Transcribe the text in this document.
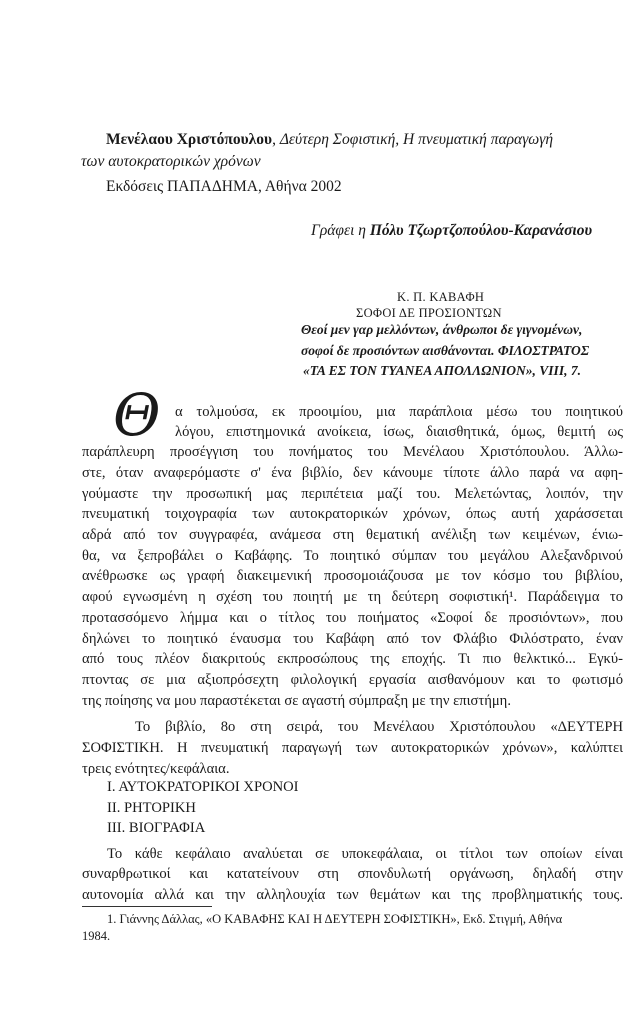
Μενέλαου Χριστόπουλου, Δεύτερη Σοφιστική, Η πνευματική παραγωγή
των αυτοκρατορικών χρόνων
Εκδόσεις ΠΑΠΑΔΗΜΑ, Αθήνα 2002
Γράφει η Πόλυ Τζωρτζοπούλου-Καρανάσιου
Κ. Π. ΚΑΒΑΦΗ
ΣΟΦΟΙ ΔΕ ΠΡΟΣΙΟΝΤΩΝ
Θεοί μεν γαρ μελλόντων, άνθρωποι δε γιγνομένων,
σοφοί δε προσιόντων αισθάνονται. ΦΙΛΟΣΤΡΑΤΟΣ
«ΤΑ ΕΣ ΤΟΝ ΤΥΑΝΕΑ ΑΠΟΛΛΩΝΙΟΝ», VIII, 7.
Θ α τολμούσα, εκ προοιμίου, μια παράπλοια μέσω του ποιητικού
λόγου, επιστημονικά ανοίκεια, ίσως, διαισθητικά, όμως, θεμιτή ως
παράπλευρη προσέγγιση του πονήματος του Μενέλαου Χριστόπουλου. Άλλω-
στε, όταν αναφερόμαστε σ' ένα βιβλίο, δεν κάνουμε τίποτε άλλο παρά να αφη-
γούμαστε την προσωπική μας περιπέτεια μαζί του. Μελετώντας, λοιπόν, την
πνευματική τοιχογραφία των αυτοκρατορικών χρόνων, όπως αυτή χαράσσεται
αδρά από τον συγγραφέα, ανάμεσα στη θεματική ανέλιξη των κειμένων, ένιω-
θα, να ξεπροβάλει ο Καβάφης. Το ποιητικό σύμπαν του μεγάλου Αλεξανδρινού
ανέθρωσκε ως γραφή διακειμενική προσομοιάζουσα με τον κόσμο του βιβλίου,
αφού εγνωσμένη η σχέση του ποιητή με τη δεύτερη σοφιστική¹. Παράδειγμα το
προτασσόμενο λήμμα και ο τίτλος του ποιήματος «Σοφοί δε προσιόντων», που
δηλώνει το ποιητικό έναυσμα του Καβάφη από τον Φλάβιο Φιλόστρατο, έναν
από τους πλέον διακριτούς εκπροσώπους της εποχής. Τι πιο θελκτικό... Εγκύ-
πτοντας σε μια αξιοπρόσεχτη φιλολογική εργασία αισθανόμουν και το φωτισμό
της ποίησης να μου παραστέκεται σε αγαστή σύμπραξη με την επιστήμη.
Το βιβλίο, 8ο στη σειρά, του Μενέλαου Χριστόπουλου «ΔΕΥΤΕΡΗ
ΣΟΦΙΣΤΙΚΗ. Η πνευματική παραγωγή των αυτοκρατορικών χρόνων», καλύπτει
τρεις ενότητες/κεφάλαια.
Ι. ΑΥΤΟΚΡΑΤΟΡΙΚΟΙ ΧΡΟΝΟΙ
ΙΙ. ΡΗΤΟΡΙΚΗ
ΙΙΙ. ΒΙΟΓΡΑΦΙΑ
Το κάθε κεφάλαιο αναλύεται σε υποκεφάλαια, οι τίτλοι των οποίων είναι
συναρθρωτικοί και κατατείνουν στη σπονδυλωτή οργάνωση, δηλαδή στην
αυτονομία αλλά και την αλληλουχία των θεμάτων και της προβληματικής τους.
1. Γιάννης Δάλλας, «Ο ΚΑΒΑΦΗΣ ΚΑΙ Η ΔΕΥΤΕΡΗ ΣΟΦΙΣΤΙΚΗ», Εκδ. Στιγμή, Αθήνα
1984.
